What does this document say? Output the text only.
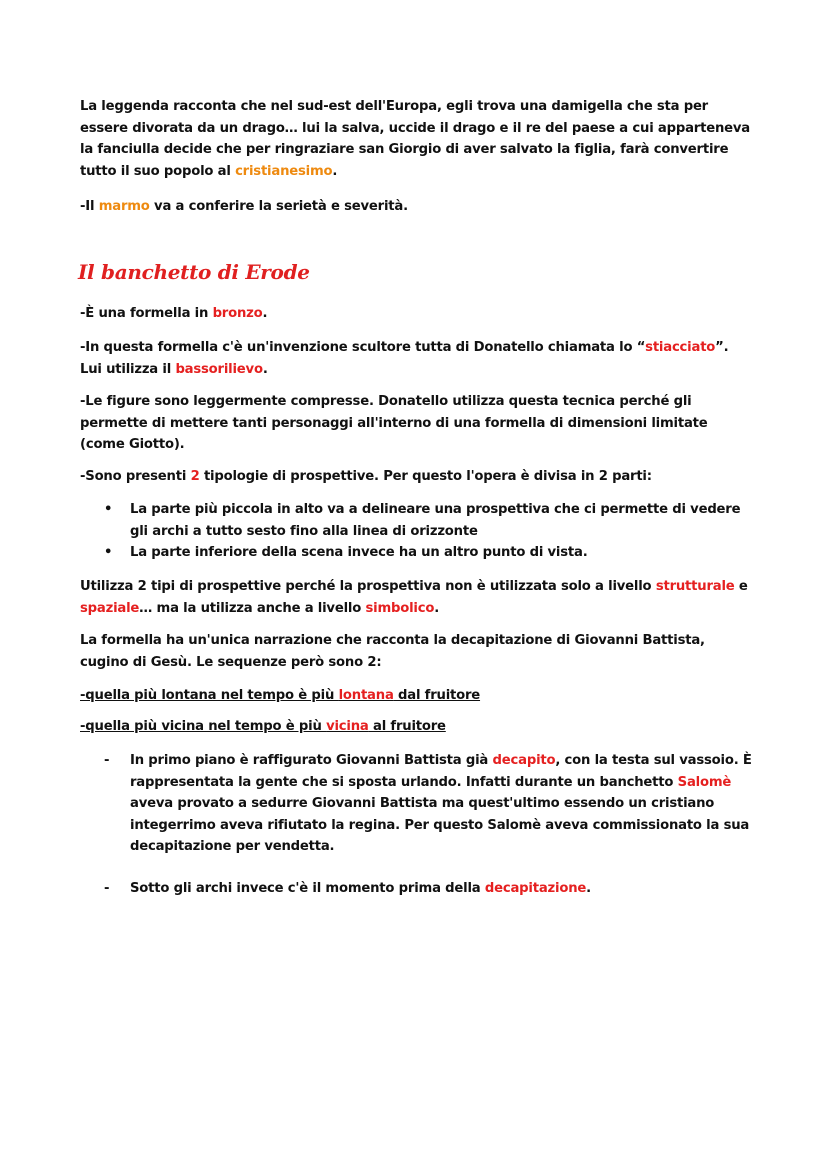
La leggenda racconta che nel sud-est dell'Europa, egli trova una damigella che sta per essere divorata da un drago… lui la salva, uccide il drago e il re del paese a cui apparteneva la fanciulla decide che per ringraziare san Giorgio di aver salvato la figlia, farà convertire tutto il suo popolo al cristianesimo.
-Il marmo va a conferire la serietà e severità.
Il banchetto di Erode
-È una formella in bronzo.
-In questa formella c'è un'invenzione scultore tutta di Donatello chiamata lo “stiacciato”. Lui utilizza il bassorilievo.
-Le figure sono leggermente compresse. Donatello utilizza questa tecnica perché gli permette di mettere tanti personaggi all'interno di una formella di dimensioni limitate (come Giotto).
-Sono presenti 2 tipologie di prospettive. Per questo l'opera è divisa in 2 parti:
• La parte più piccola in alto va a delineare una prospettiva che ci permette di vedere gli archi a tutto sesto fino alla linea di orizzonte
• La parte inferiore della scena invece ha un altro punto di vista.
Utilizza 2 tipi di prospettive perché la prospettiva non è utilizzata solo a livello strutturale e spaziale… ma la utilizza anche a livello simbolico.
La formella ha un'unica narrazione che racconta la decapitazione di Giovanni Battista, cugino di Gesù. Le sequenze però sono 2:
-quella più lontana nel tempo è più lontana dal fruitore
-quella più vicina nel tempo è più vicina al fruitore
- In primo piano è raffigurato Giovanni Battista già decapito, con la testa sul vassoio. È rappresentata la gente che si sposta urlando. Infatti durante un banchetto Salomè aveva provato a sedurre Giovanni Battista ma quest'ultimo essendo un cristiano integerrimo aveva rifiutato la regina. Per questo Salomè aveva commissionato la sua decapitazione per vendetta.
- Sotto gli archi invece c'è il momento prima della decapitazione.
